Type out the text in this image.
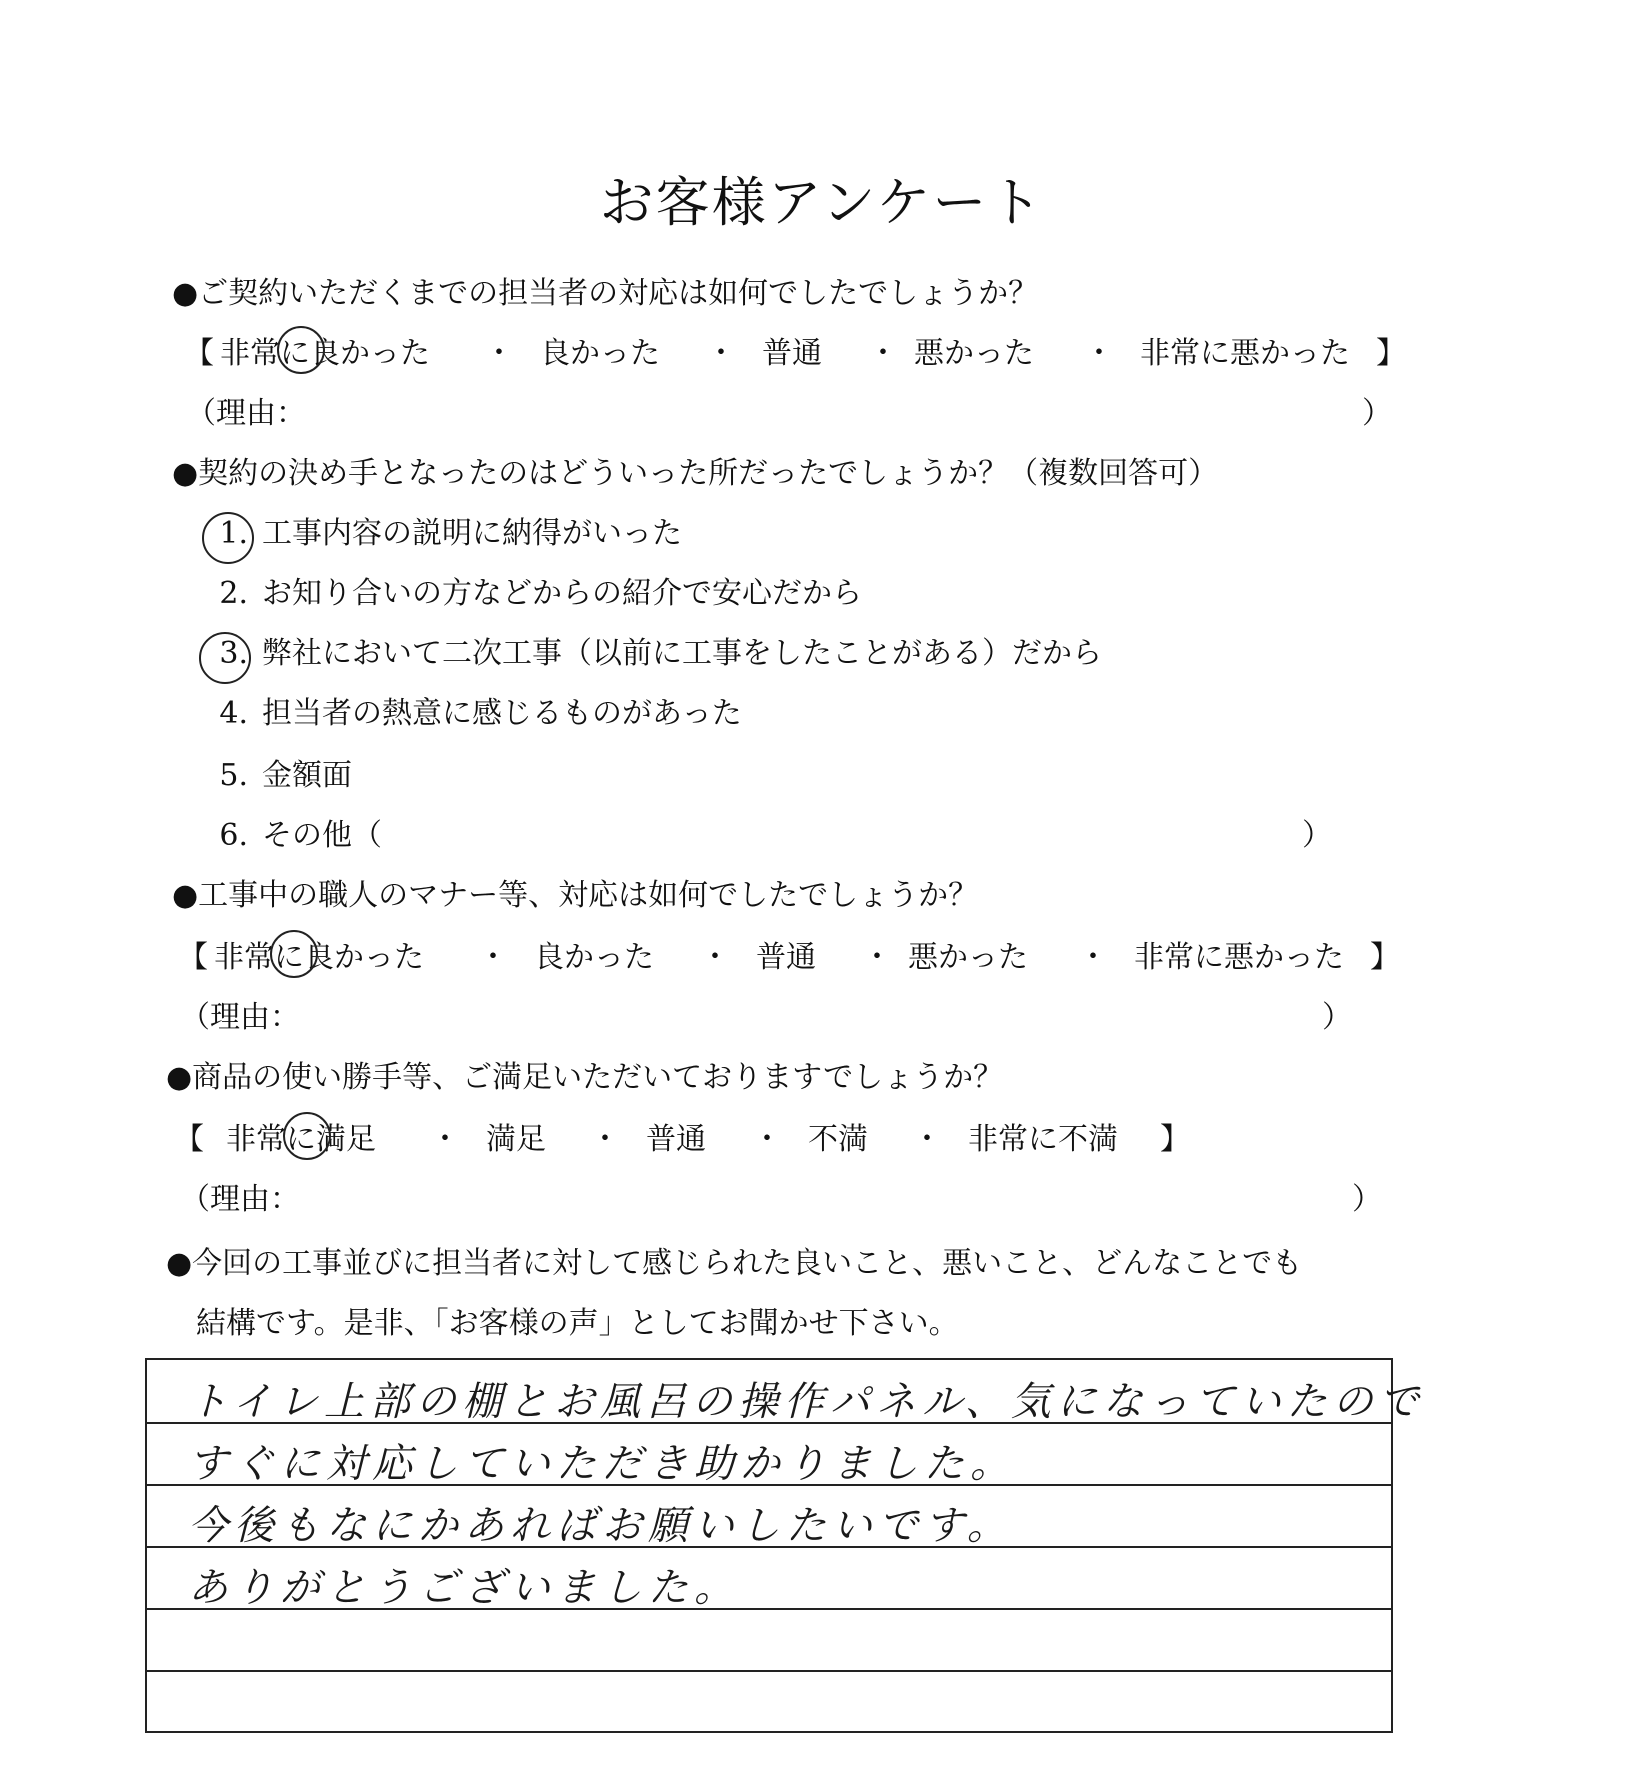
お客様アンケート
●ご契約いただくまでの担当者の対応は如何でしたでしょうか？
【 非常に良かった ・ 良かった ・ 普通 ・ 悪かった ・ 非常に悪かった 】
（理由：	）
●契約の決め手となったのはどういった所だったでしょうか？（複数回答可）
1. 工事内容の説明に納得がいった
2. お知り合いの方などからの紹介で安心だから
3. 弊社において二次工事（以前に工事をしたことがある）だから
4. 担当者の熱意に感じるものがあった
5. 金額面
6. その他（	）
●工事中の職人のマナー等、対応は如何でしたでしょうか？
【 非常に良かった ・ 良かった ・ 普通 ・ 悪かった ・ 非常に悪かった 】
（理由：	）
●商品の使い勝手等、ご満足いただいておりますでしょうか？
【 非常に満足 ・ 満足 ・ 普通 ・ 不満 ・ 非常に不満 】
（理由：	）
●今回の工事並びに担当者に対して感じられた良いこと、悪いこと、どんなことでも
結構です。是非、「お客様の声」としてお聞かせ下さい。
トイレ上部の棚とお風呂の操作パネル、気になっていたので
すぐに対応していただき助かりました。
今後もなにかあればお願いしたいです。
ありがとうございました。
